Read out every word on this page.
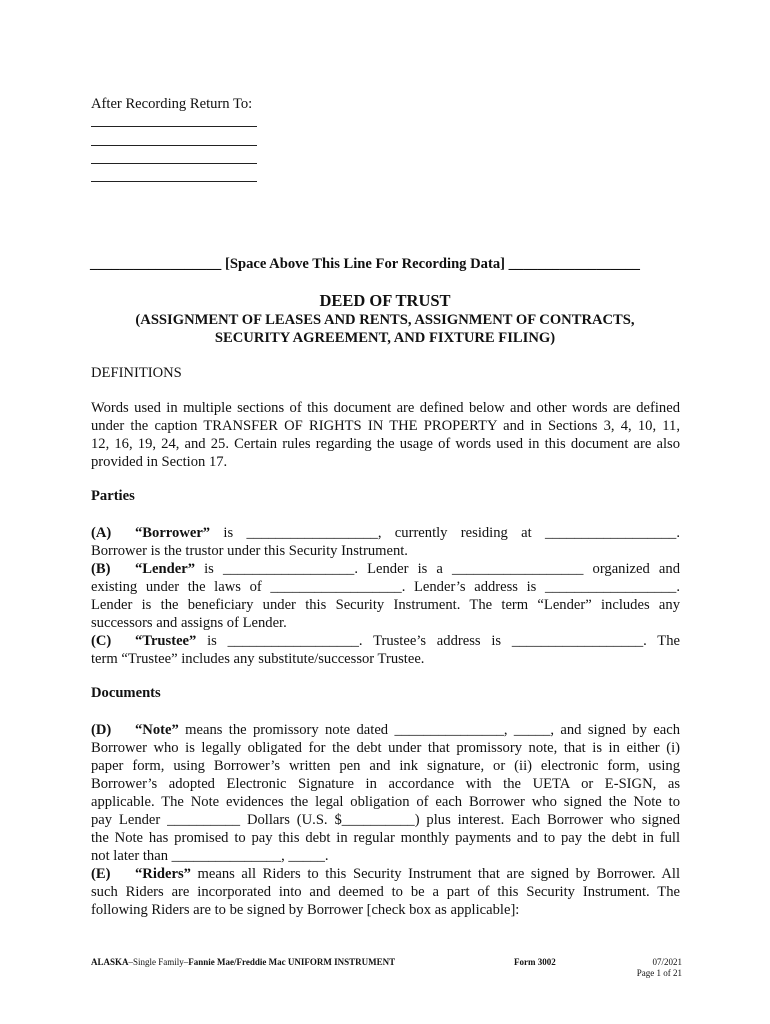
After Recording Return To:
__________________ [Space Above This Line For Recording Data] __________________
DEED OF TRUST
(ASSIGNMENT OF LEASES AND RENTS, ASSIGNMENT OF CONTRACTS,
SECURITY AGREEMENT, AND FIXTURE FILING)
DEFINITIONS
Words used in multiple sections of this document are defined below and other words are defined
under the caption TRANSFER OF RIGHTS IN THE PROPERTY and in Sections 3, 4, 10, 11,
12, 16, 19, 24, and 25. Certain rules regarding the usage of words used in this document are also
provided in Section 17.
Parties
(A) “Borrower” is __________________, currently residing at __________________.
Borrower is the trustor under this Security Instrument.
(B) “Lender” is __________________. Lender is a __________________ organized and
existing under the laws of __________________. Lender’s address is __________________.
Lender is the beneficiary under this Security Instrument. The term “Lender” includes any
successors and assigns of Lender.
(C) “Trustee” is __________________. Trustee’s address is __________________. The
term “Trustee” includes any substitute/successor Trustee.
Documents
(D) “Note” means the promissory note dated _______________, _____, and signed by each
Borrower who is legally obligated for the debt under that promissory note, that is in either (i)
paper form, using Borrower’s written pen and ink signature, or (ii) electronic form, using
Borrower’s adopted Electronic Signature in accordance with the UETA or E-SIGN, as
applicable. The Note evidences the legal obligation of each Borrower who signed the Note to
pay Lender __________ Dollars (U.S. $__________) plus interest. Each Borrower who signed
the Note has promised to pay this debt in regular monthly payments and to pay the debt in full
not later than _______________, _____.
(E) “Riders” means all Riders to this Security Instrument that are signed by Borrower. All
such Riders are incorporated into and deemed to be a part of this Security Instrument. The
following Riders are to be signed by Borrower [check box as applicable]:
ALASKA–Single Family–Fannie Mae/Freddie Mac UNIFORM INSTRUMENT	Form 3002	07/2021
Page 1 of 21
